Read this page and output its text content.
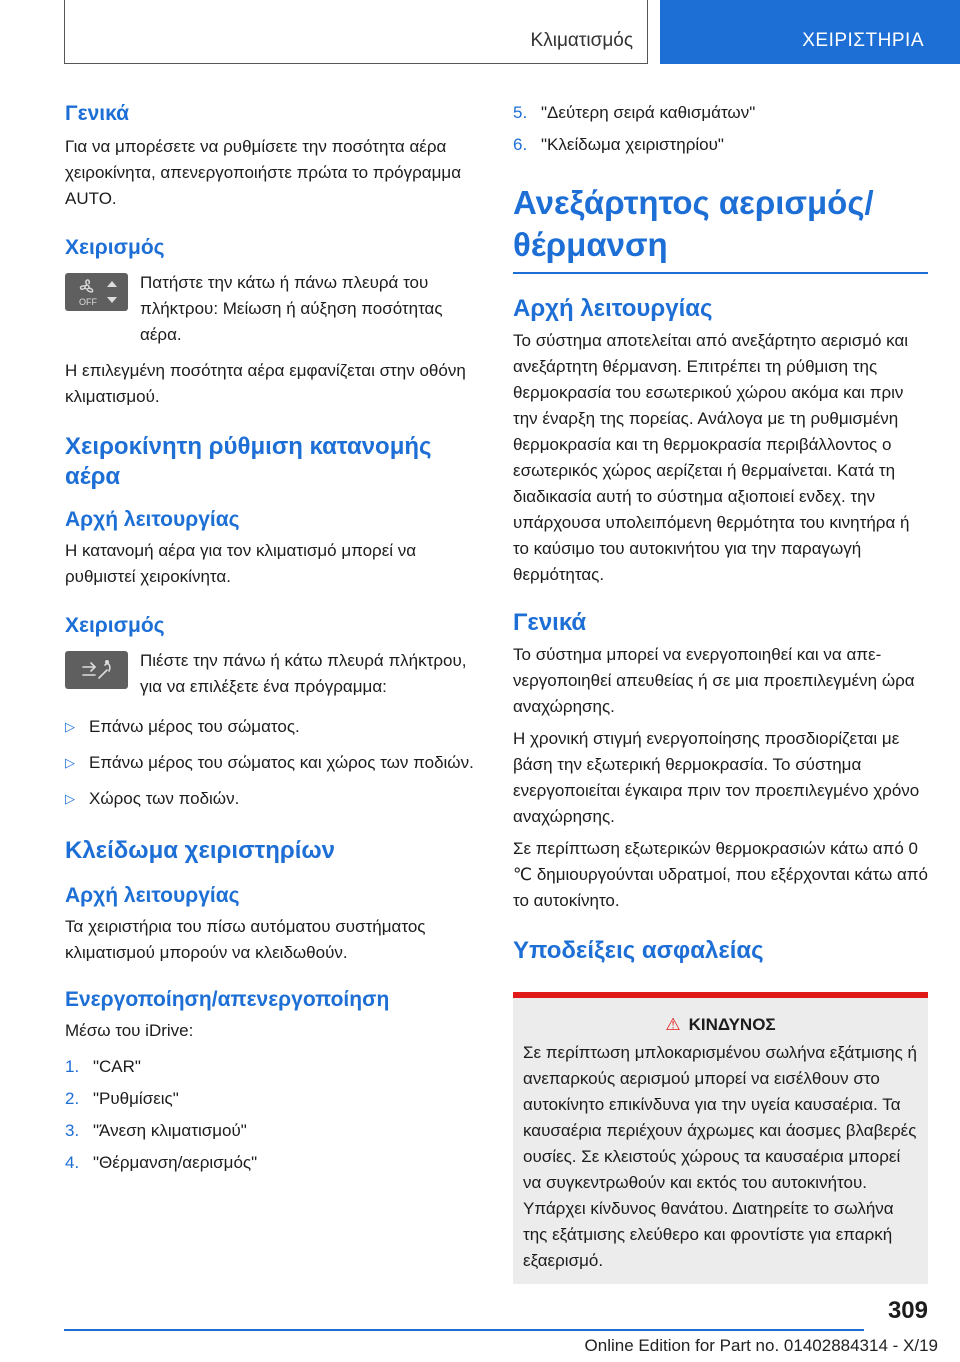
Κλιματισμός	ΧΕΙΡΙΣΤΗΡΙΑ
Γενικά

Για να μπορέσετε να ρυθμίσετε την ποσότητα αέρα χειροκίνητα, απενεργοποιήστε πρώτα το πρόγραμμα AUTO.

Χειρισμός
OFF

Πατήστε την κάτω ή πάνω πλευρά του πλήκτρου: Μείωση ή αύξηση ποσότητας αέρα.

Η επιλεγμένη ποσότητα αέρα εμφανίζεται στην οθόνη κλιματισμού.

Χειροκίνητη ρύθμιση κατανομής αέρα
Αρχή λειτουργίας

Η κατανομή αέρα για τον κλιματισμό μπορεί να ρυθμιστεί χειροκίνητα.

Χειρισμός

Πιέστε την πάνω ή κάτω πλευρά πλήκτρου, για να επιλέξετε ένα πρόγραμμα:

▷ Επάνω μέρος του σώματος.
▷ Επάνω μέρος του σώματος και χώρος των ποδιών.
▷ Χώρος των ποδιών.
Κλείδωμα χειριστηρίων
Αρχή λειτουργίας

Τα χειριστήρια του πίσω αυτόματου συστήματος κλιματισμού μπορούν να κλειδωθούν.

Ενεργοποίηση/απενεργοποίηση

Μέσω του iDrive:

1. "CAR"
2. "Ρυθμίσεις"
3. "Άνεση κλιματισμού"
4. "Θέρμανση/αερισμός"
5. "Δεύτερη σειρά καθισμάτων"
6. "Κλείδωμα χειριστηρίου"
Ανεξάρτητος αερισμός/θέρμανση
Αρχή λειτουργίας

Το σύστημα αποτελείται από ανεξάρτητο αερισμό και ανεξάρτητη θέρμανση. Επιτρέπει τη ρύθμιση της θερμοκρασία του εσωτερικού χώρου ακόμα και πριν την έναρξη της πορείας. Ανάλογα με τη ρυθμισμένη θερμοκρασία και τη θερμοκρασία περιβάλλοντος ο εσωτερικός χώρος αερίζεται ή θερμαίνεται. Κατά τη διαδικασία αυτή το σύστημα αξιοποιεί ενδεχ. την υπάρχουσα υπολειπόμενη θερμότητα του κινητήρα ή το καύσιμο του αυτοκινήτου για την παραγωγή θερμότητας.

Γενικά

Το σύστημα μπορεί να ενεργοποιηθεί και να απενεργοποιηθεί απευθείας ή σε μια προεπιλεγμένη ώρα αναχώρησης.

Η χρονική στιγμή ενεργοποίησης προσδιορίζεται με βάση την εξωτερική θερμοκρασία. Το σύστημα ενεργοποιείται έγκαιρα πριν τον προεπιλεγμένο χρόνο αναχώρησης.

Σε περίπτωση εξωτερικών θερμοκρασιών κάτω από 0 ℃ δημιουργούνται υδρατμοί, που εξέρχονται κάτω από το αυτοκίνητο.

Υποδείξεις ασφαλείας
⚠ ΚΙΝΔΥΝΟΣ

Σε περίπτωση μπλοκαρισμένου σωλήνα εξάτμισης ή ανεπαρκούς αερισμού μπορεί να εισέλθουν στο αυτοκίνητο επικίνδυνα για την υγεία καυσαέρια. Τα καυσαέρια περιέχουν άχρωμες και άοσμες βλαβερές ουσίες. Σε κλειστούς χώρους τα καυσαέρια μπορεί να συγκεντρωθούν και εκτός του αυτοκινήτου. Υπάρχει κίνδυνος θανάτου. Διατηρείτε το σωλήνα της εξάτμισης ελεύθερο και φροντίστε για επαρκή εξαερισμό.

309
Online Edition for Part no. 01402884314 - X/19
